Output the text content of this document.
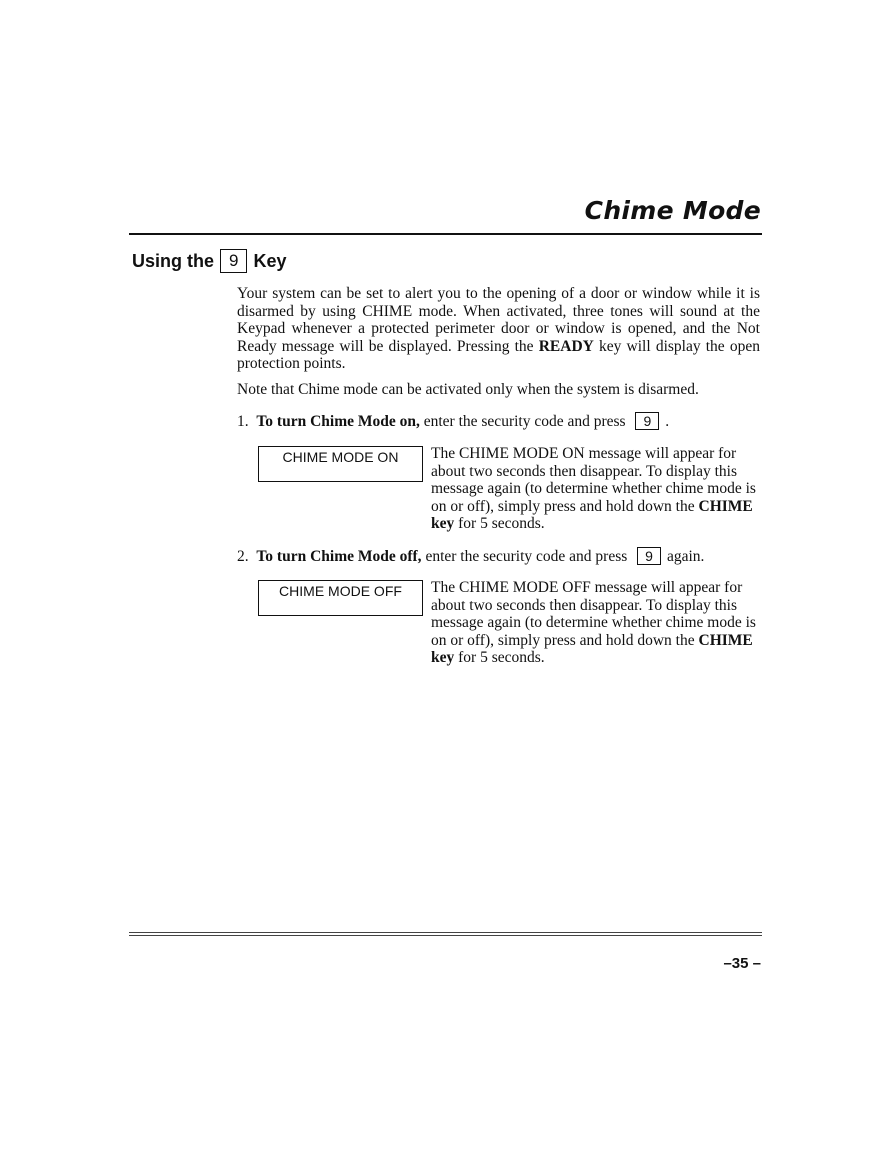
Chime Mode
Using the 9 Key

Your system can be set to alert you to the opening of a door or window while it is disarmed by using CHIME mode. When activated, three tones will sound at the Keypad whenever a protected perimeter door or window is opened, and the Not Ready message will be displayed. Pressing the READY key will display the open protection points.

Note that Chime mode can be activated only when the system is disarmed.

1. To turn Chime Mode on, enter the security code and press 9 .
CHIME MODE ON	The CHIME MODE ON message will appear for about two seconds then disappear. To display this message again (to determine whether chime mode is on or off), simply press and hold down the CHIME key for 5 seconds.

2. To turn Chime Mode off, enter the security code and press 9 again.
CHIME MODE OFF	The CHIME MODE OFF message will appear for about two seconds then disappear. To display this message again (to determine whether chime mode is on or off), simply press and hold down the CHIME key for 5 seconds.

–35 –
